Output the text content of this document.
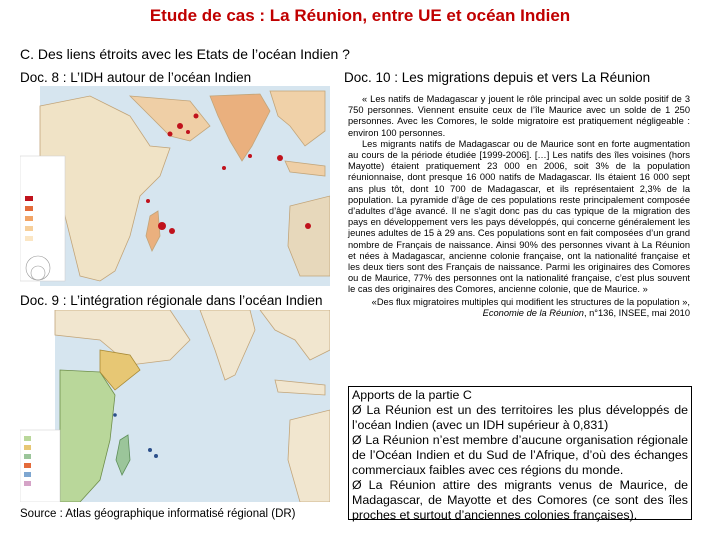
Etude de cas : La Réunion, entre UE et océan Indien
C. Des liens étroits avec les Etats de l’océan Indien ?
Doc. 8 : L’IDH autour de l’océan Indien	Doc. 10 : Les migrations depuis et vers La Réunion
Doc. 9 : L’intégration régionale dans l’océan Indien
Source : Atlas géographique informatisé régional (DR)

« Les natifs de Madagascar y jouent le rôle principal avec un solde positif de 3 750 personnes. Viennent ensuite ceux de l’île Maurice avec un solde de 1 250 personnes. Avec les Comores, le solde migratoire est pratiquement négligeable : environ 100 personnes.

Les migrants natifs de Madagascar ou de Maurice sont en forte augmentation au cours de la période étudiée [1999-2006]. […] Les natifs des îles voisines (hors Mayotte) étaient pratiquement 23 000 en 2006, soit 3% de la population réunionnaise, dont presque 16 000 natifs de Madagascar. Ils étaient 16 000 sept ans plus tôt, dont 10 700 de Madagascar, et ils représentaient 2,3% de la population. La pyramide d’âge de ces populations reste principalement composée d’adultes d’âge avancé. Il ne s’agit donc pas du cas typique de la migration des pays en développement vers les pays développés, qui concerne généralement les jeunes adultes de 15 à 29 ans. Ces populations sont en fait composées d’un grand nombre de Français de naissance. Ainsi 90% des personnes vivant à La Réunion et nées à Madagascar, ancienne colonie française, ont la nationalité française et les deux tiers sont des Français de naissance. Parmi les originaires des Comores ou de Maurice, 77% des personnes ont la nationalité française, c’est plus souvent le cas des originaires des Comores, ancienne colonie, que de Maurice. »

«Des flux migratoires multiples qui modifient les structures de la population », Economie de la Réunion, n°136, INSEE, mai 2010
Apports de la partie C
Ø La Réunion est un des territoires les plus développés de l’océan Indien (avec un IDH supérieur à 0,831)
Ø La Réunion n’est membre d’aucune organisation régionale de l’Océan Indien et du Sud de l’Afrique, d’où des échanges commerciaux faibles avec ces régions du monde.
Ø La Réunion attire des migrants venus de Maurice, de Madagascar, de Mayotte et des Comores (ce sont des îles proches et surtout d’anciennes colonies françaises).
